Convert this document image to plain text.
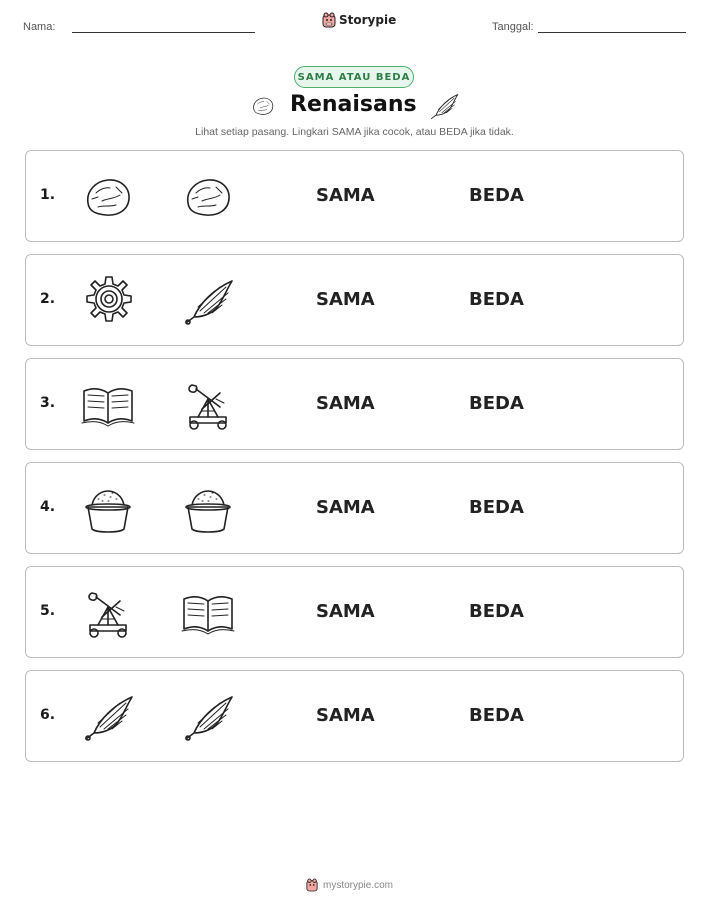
Nama:	Storypie	Tanggal:
SAMA ATAU BEDA
Renaisans
Lihat setiap pasang. Lingkari SAMA jika cocok, atau BEDA jika tidak.
1.	SAMA	BEDA
2.	SAMA	BEDA
3.	SAMA	BEDA
4.	SAMA	BEDA
5.	SAMA	BEDA
6.	SAMA	BEDA
mystorypie.com
